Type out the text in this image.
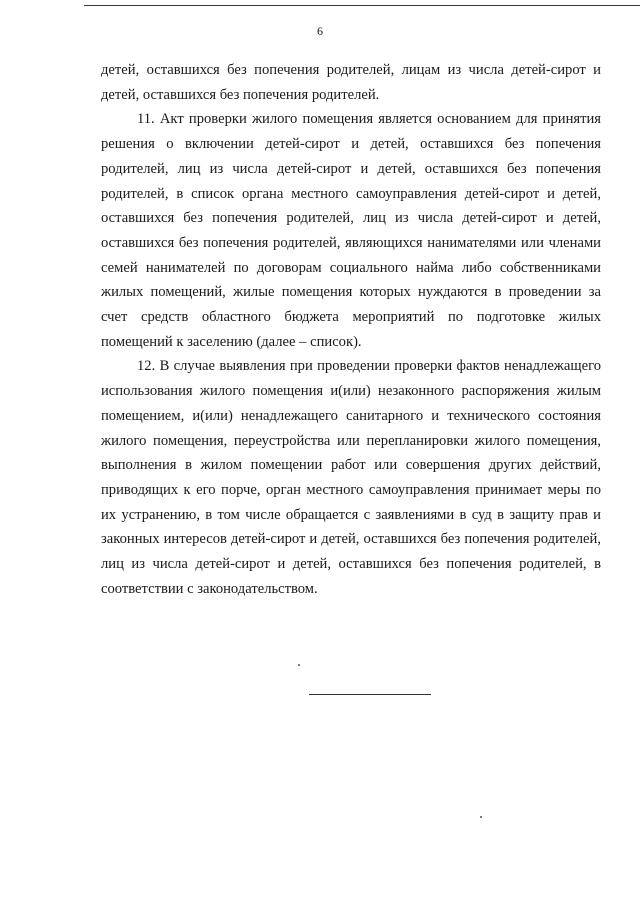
6

детей, оставшихся без попечения родителей, лицам из числа детей-сирот и детей, оставшихся без попечения родителей.

11. Акт проверки жилого помещения является основанием для принятия решения о включении детей-сирот и детей, оставшихся без попечения родителей, лиц из числа детей-сирот и детей, оставшихся без попечения родителей, в список органа местного самоуправления детей-сирот и детей, оставшихся без попечения родителей, лиц из числа детей-сирот и детей, оставшихся без попечения родителей, являющихся нанимателями или членами семей нанимателей по договорам социального найма либо собственниками жилых помещений, жилые помещения которых нуждаются в проведении за счет средств областного бюджета мероприятий по подготовке жилых помещений к заселению (далее – список).

12. В случае выявления при проведении проверки фактов ненадлежащего использования жилого помещения и(или) незаконного распоряжения жилым помещением, и(или) ненадлежащего санитарного и технического состояния жилого помещения, переустройства или перепланировки жилого помещения, выполнения в жилом помещении работ или совершения других действий, приводящих к его порче, орган местного самоуправления принимает меры по их устранению, в том числе обращается с заявлениями в суд в защиту прав и законных интересов детей-сирот и детей, оставшихся без попечения родителей, лиц из числа детей-сирот и детей, оставшихся без попечения родителей, в соответствии с законодательством.
